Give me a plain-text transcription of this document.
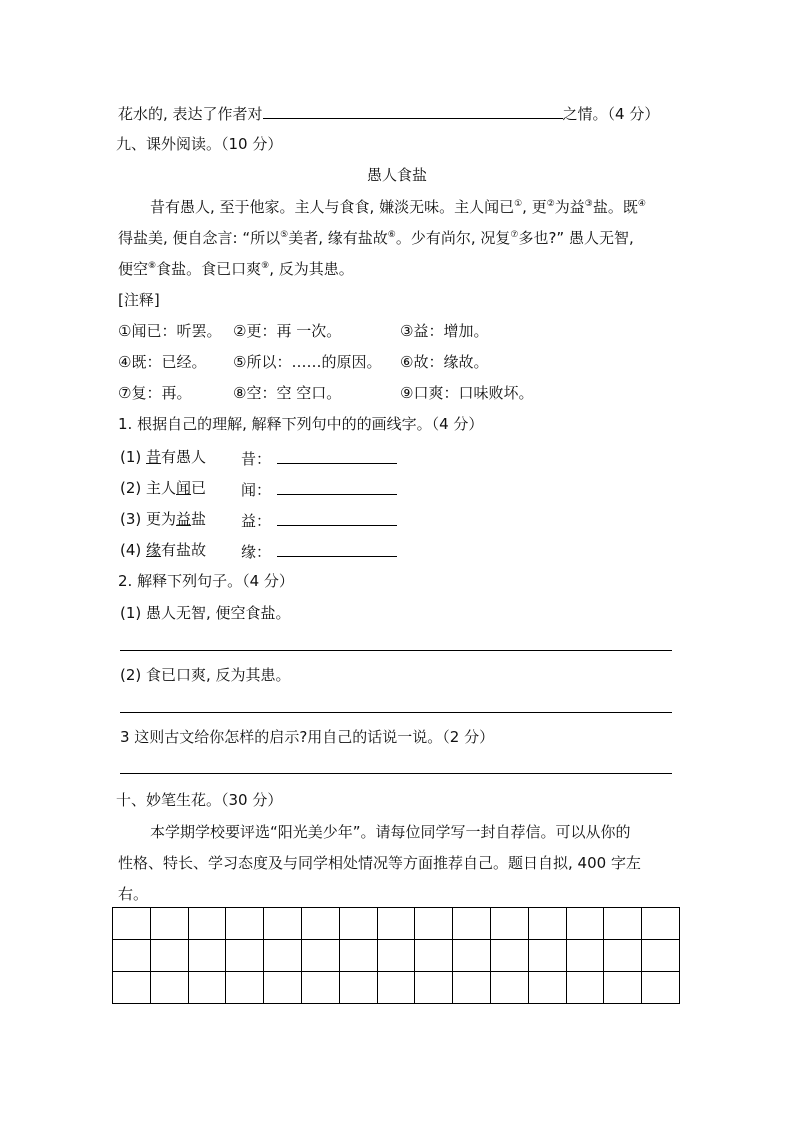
花水的, 表达了作者对	之情。（4 分）
九、课外阅读。（10 分）
愚人食盐
昔有愚人, 至于他家。主人与食食, 嫌淡无味。主人闻已①, 更②为益③盐。既④
得盐美, 便自念言: “所以⑤美者, 缘有盐故⑥。少有尚尔, 况复⑦多也?” 愚人无智,
便空⑧食盐。食已口爽⑨, 反为其患。
[注释]
①闻已：听罢。 ②更：再 一次。	③益：增加。
④既：已经。 ⑤所以：……的原因。 ⑥故：缘故。
⑦复：再。	⑧空：空 空口。	⑨口爽：口味败坏。
1. 根据自己的理解, 解释下列句中的的画线字。（4 分）
(1) 昔有愚人 昔：
(2) 主人闻已 闻：
(3) 更为益盐 益：
(4) 缘有盐故 缘：
2. 解释下列句子。（4 分）
(1) 愚人无智, 便空食盐。
(2) 食已口爽, 反为其患。
3 这则古文给你怎样的启示?用自己的话说一说。（2 分）
十、妙笔生花。（30 分）
本学期学校要评选“阳光美少年”。请每位同学写一封自荐信。可以从你的
性格、特长、学习态度及与同学相处情况等方面推荐自己。题日自拟, 400 字左
右。
